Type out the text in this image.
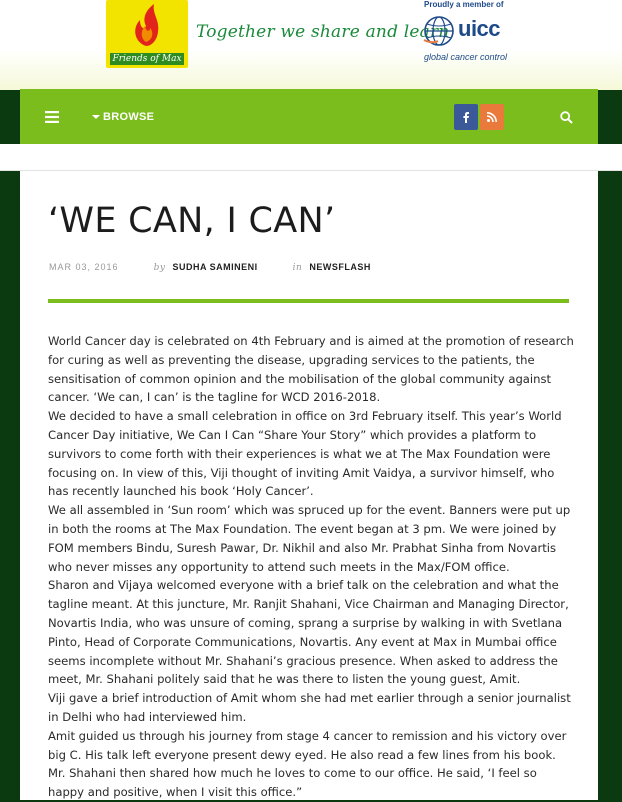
Friends of Max
Together we share and learn
Proudly a member of
uicc
global cancer control
BROWSE
‘WE CAN, I CAN’
MAR 03, 2016	by SUDHA SAMINENI	in NEWSFLASH

World Cancer day is celebrated on 4th February and is aimed at the promotion of research for curing as well as preventing the disease, upgrading services to the patients, the sensitisation of common opinion and the mobilisation of the global community against cancer. ‘We can, I can’ is the tagline for WCD 2016-2018.

We decided to have a small celebration in office on 3rd February itself. This year’s World Cancer Day initiative, We Can I Can “Share Your Story” which provides a platform to survivors to come forth with their experiences is what we at The Max Foundation were focusing on. In view of this, Viji thought of inviting Amit Vaidya, a survivor himself, who has recently launched his book ‘Holy Cancer’.

We all assembled in ‘Sun room’ which was spruced up for the event. Banners were put up in both the rooms at The Max Foundation. The event began at 3 pm. We were joined by FOM members Bindu, Suresh Pawar, Dr. Nikhil and also Mr. Prabhat Sinha from Novartis who never misses any opportunity to attend such meets in the Max/FOM office.

Sharon and Vijaya welcomed everyone with a brief talk on the celebration and what the tagline meant. At this juncture, Mr. Ranjit Shahani, Vice Chairman and Managing Director, Novartis India, who was unsure of coming, sprang a surprise by walking in with Svetlana Pinto, Head of Corporate Communications, Novartis. Any event at Max in Mumbai office seems incomplete without Mr. Shahani’s gracious presence. When asked to address the meet, Mr. Shahani politely said that he was there to listen the young guest, Amit.

Viji gave a brief introduction of Amit whom she had met earlier through a senior journalist in Delhi who had interviewed him.

Amit guided us through his journey from stage 4 cancer to remission and his victory over big C. His talk left everyone present dewy eyed. He also read a few lines from his book. Mr. Shahani then shared how much he loves to come to our office. He said, ‘I feel so happy and positive, when I visit this office.”
